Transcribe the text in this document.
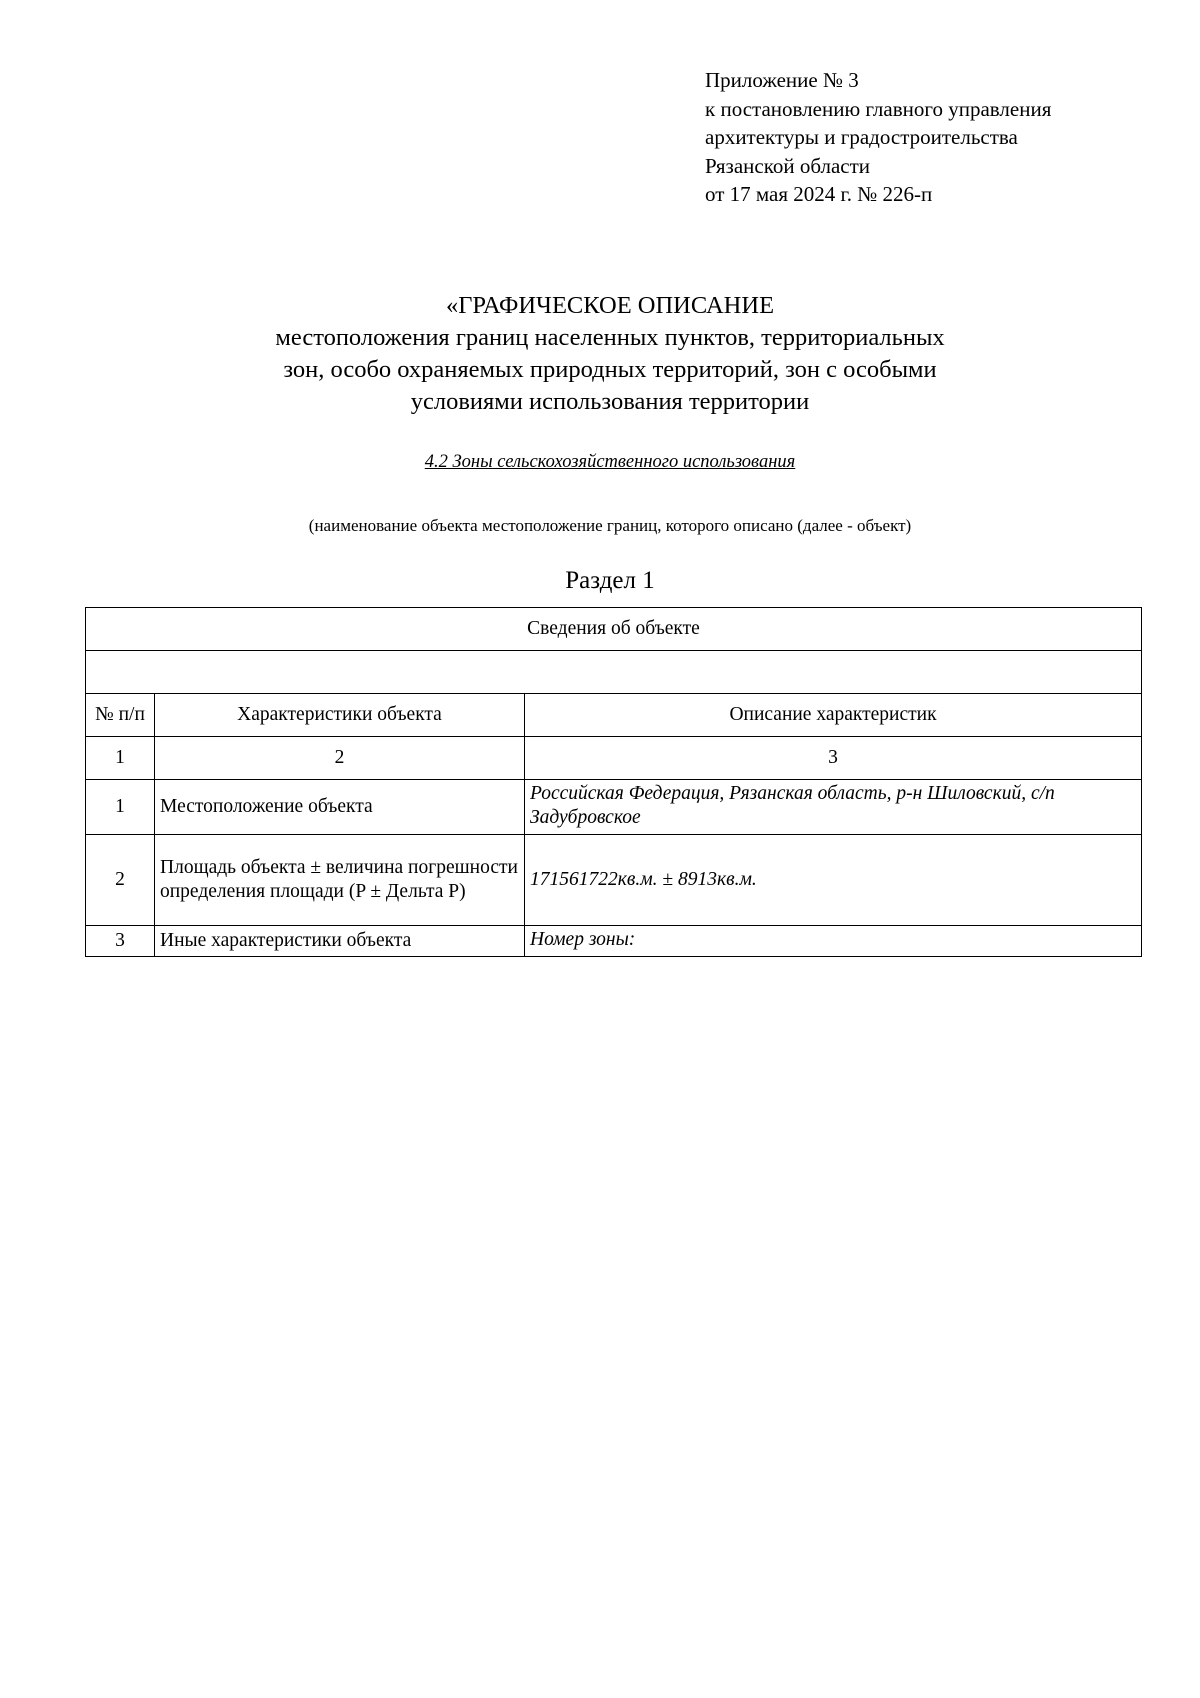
Приложение № 3
к постановлению главного управления
архитектуры и градостроительства
Рязанской области
от 17 мая 2024 г. № 226-п
«ГРАФИЧЕСКОЕ ОПИСАНИЕ
местоположения границ населенных пунктов, территориальных
зон, особо охраняемых природных территорий, зон с особыми
условиями использования территории
4.2 Зоны сельскохозяйственного использования
(наименование объекта местоположение границ, которого описано (далее - объект)
Раздел 1
Сведения об объекте		

№ п/п	Характеристики объекта	Описание характеристик
1	2	3
1	Местоположение объекта	Российская Федерация, Рязанская область, р-н Шиловский, с/п Задубровское
2	Площадь объекта ± величина погрешности определения площади (P ± Дельта P)	171561722кв.м. ± 8913кв.м.
3	Иные характеристики объекта	Номер зоны:
